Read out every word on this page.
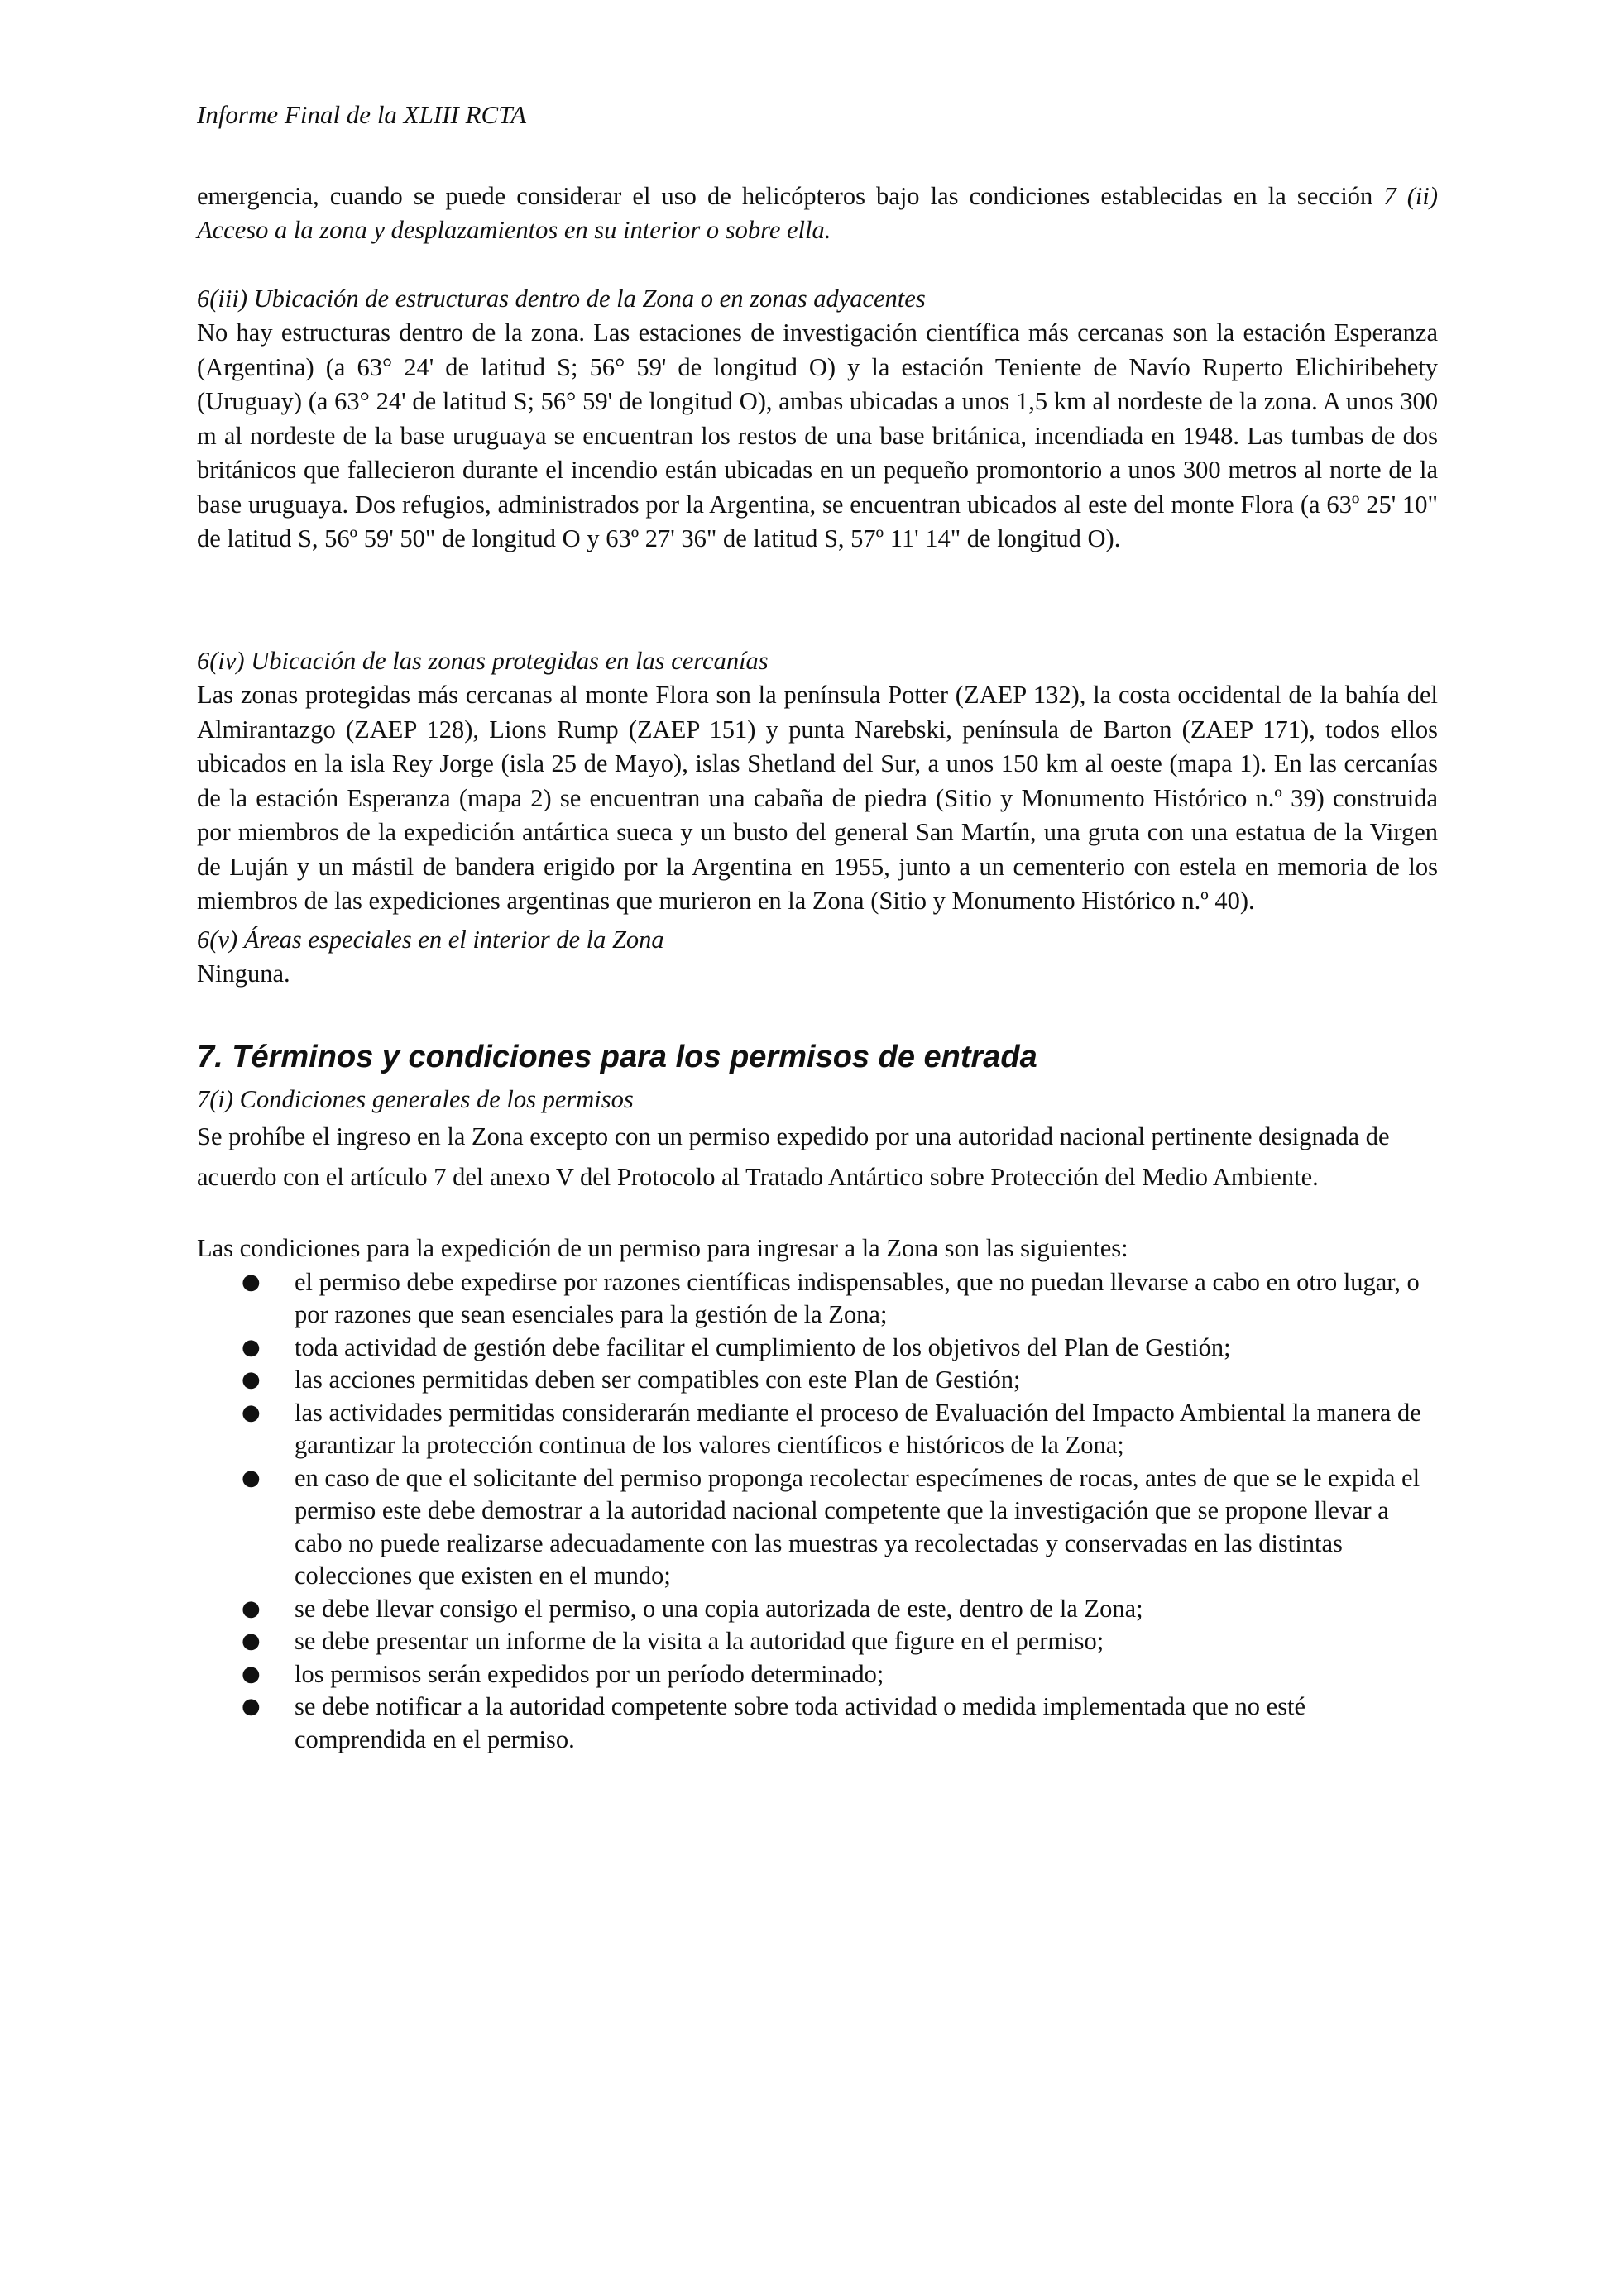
Informe Final de la XLIII RCTA

emergencia, cuando se puede considerar el uso de helicópteros bajo las condiciones establecidas en la sección 7 (ii) Acceso a la zona y desplazamientos en su interior o sobre ella.

6(iii) Ubicación de estructuras dentro de la Zona o en zonas adyacentes

No hay estructuras dentro de la zona. Las estaciones de investigación científica más cercanas son la estación Esperanza (Argentina) (a 63° 24' de latitud S; 56° 59' de longitud O) y la estación Teniente de Navío Ruperto Elichiribehety (Uruguay) (a 63° 24' de latitud S; 56° 59' de longitud O), ambas ubicadas a unos 1,5 km al nordeste de la zona. A unos 300 m al nordeste de la base uruguaya se encuentran los restos de una base británica, incendiada en 1948. Las tumbas de dos británicos que fallecieron durante el incendio están ubicadas en un pequeño promontorio a unos 300 metros al norte de la base uruguaya. Dos refugios, administrados por la Argentina, se encuentran ubicados al este del monte Flora (a 63º 25' 10" de latitud S, 56º 59' 50" de longitud O y 63º 27' 36" de latitud S, 57º 11' 14" de longitud O).

6(iv) Ubicación de las zonas protegidas en las cercanías

Las zonas protegidas más cercanas al monte Flora son la península Potter (ZAEP 132), la costa occidental de la bahía del Almirantazgo (ZAEP 128), Lions Rump (ZAEP 151) y punta Narebski, península de Barton (ZAEP 171), todos ellos ubicados en la isla Rey Jorge (isla 25 de Mayo), islas Shetland del Sur, a unos 150 km al oeste (mapa 1). En las cercanías de la estación Esperanza (mapa 2) se encuentran una cabaña de piedra (Sitio y Monumento Histórico n.º 39) construida por miembros de la expedición antártica sueca y un busto del general San Martín, una gruta con una estatua de la Virgen de Luján y un mástil de bandera erigido por la Argentina en 1955, junto a un cementerio con estela en memoria de los miembros de las expediciones argentinas que murieron en la Zona (Sitio y Monumento Histórico n.º 40).

6(v) Áreas especiales en el interior de la Zona

Ninguna.

7. Términos y condiciones para los permisos de entrada
7(i) Condiciones generales de los permisos

Se prohíbe el ingreso en la Zona excepto con un permiso expedido por una autoridad nacional pertinente designada de acuerdo con el artículo 7 del anexo V del Protocolo al Tratado Antártico sobre Protección del Medio Ambiente.

Las condiciones para la expedición de un permiso para ingresar a la Zona son las siguientes:

● el permiso debe expedirse por razones científicas indispensables, que no puedan llevarse a cabo en otro lugar, o por razones que sean esenciales para la gestión de la Zona;
● toda actividad de gestión debe facilitar el cumplimiento de los objetivos del Plan de Gestión;
● las acciones permitidas deben ser compatibles con este Plan de Gestión;
● las actividades permitidas considerarán mediante el proceso de Evaluación del Impacto Ambiental la manera de garantizar la protección continua de los valores científicos e históricos de la Zona;
● en caso de que el solicitante del permiso proponga recolectar especímenes de rocas, antes de que se le expida el permiso este debe demostrar a la autoridad nacional competente que la investigación que se propone llevar a cabo no puede realizarse adecuadamente con las muestras ya recolectadas y conservadas en las distintas colecciones que existen en el mundo;
● se debe llevar consigo el permiso, o una copia autorizada de este, dentro de la Zona;
● se debe presentar un informe de la visita a la autoridad que figure en el permiso;
● los permisos serán expedidos por un período determinado;
● se debe notificar a la autoridad competente sobre toda actividad o medida implementada que no esté comprendida en el permiso.
